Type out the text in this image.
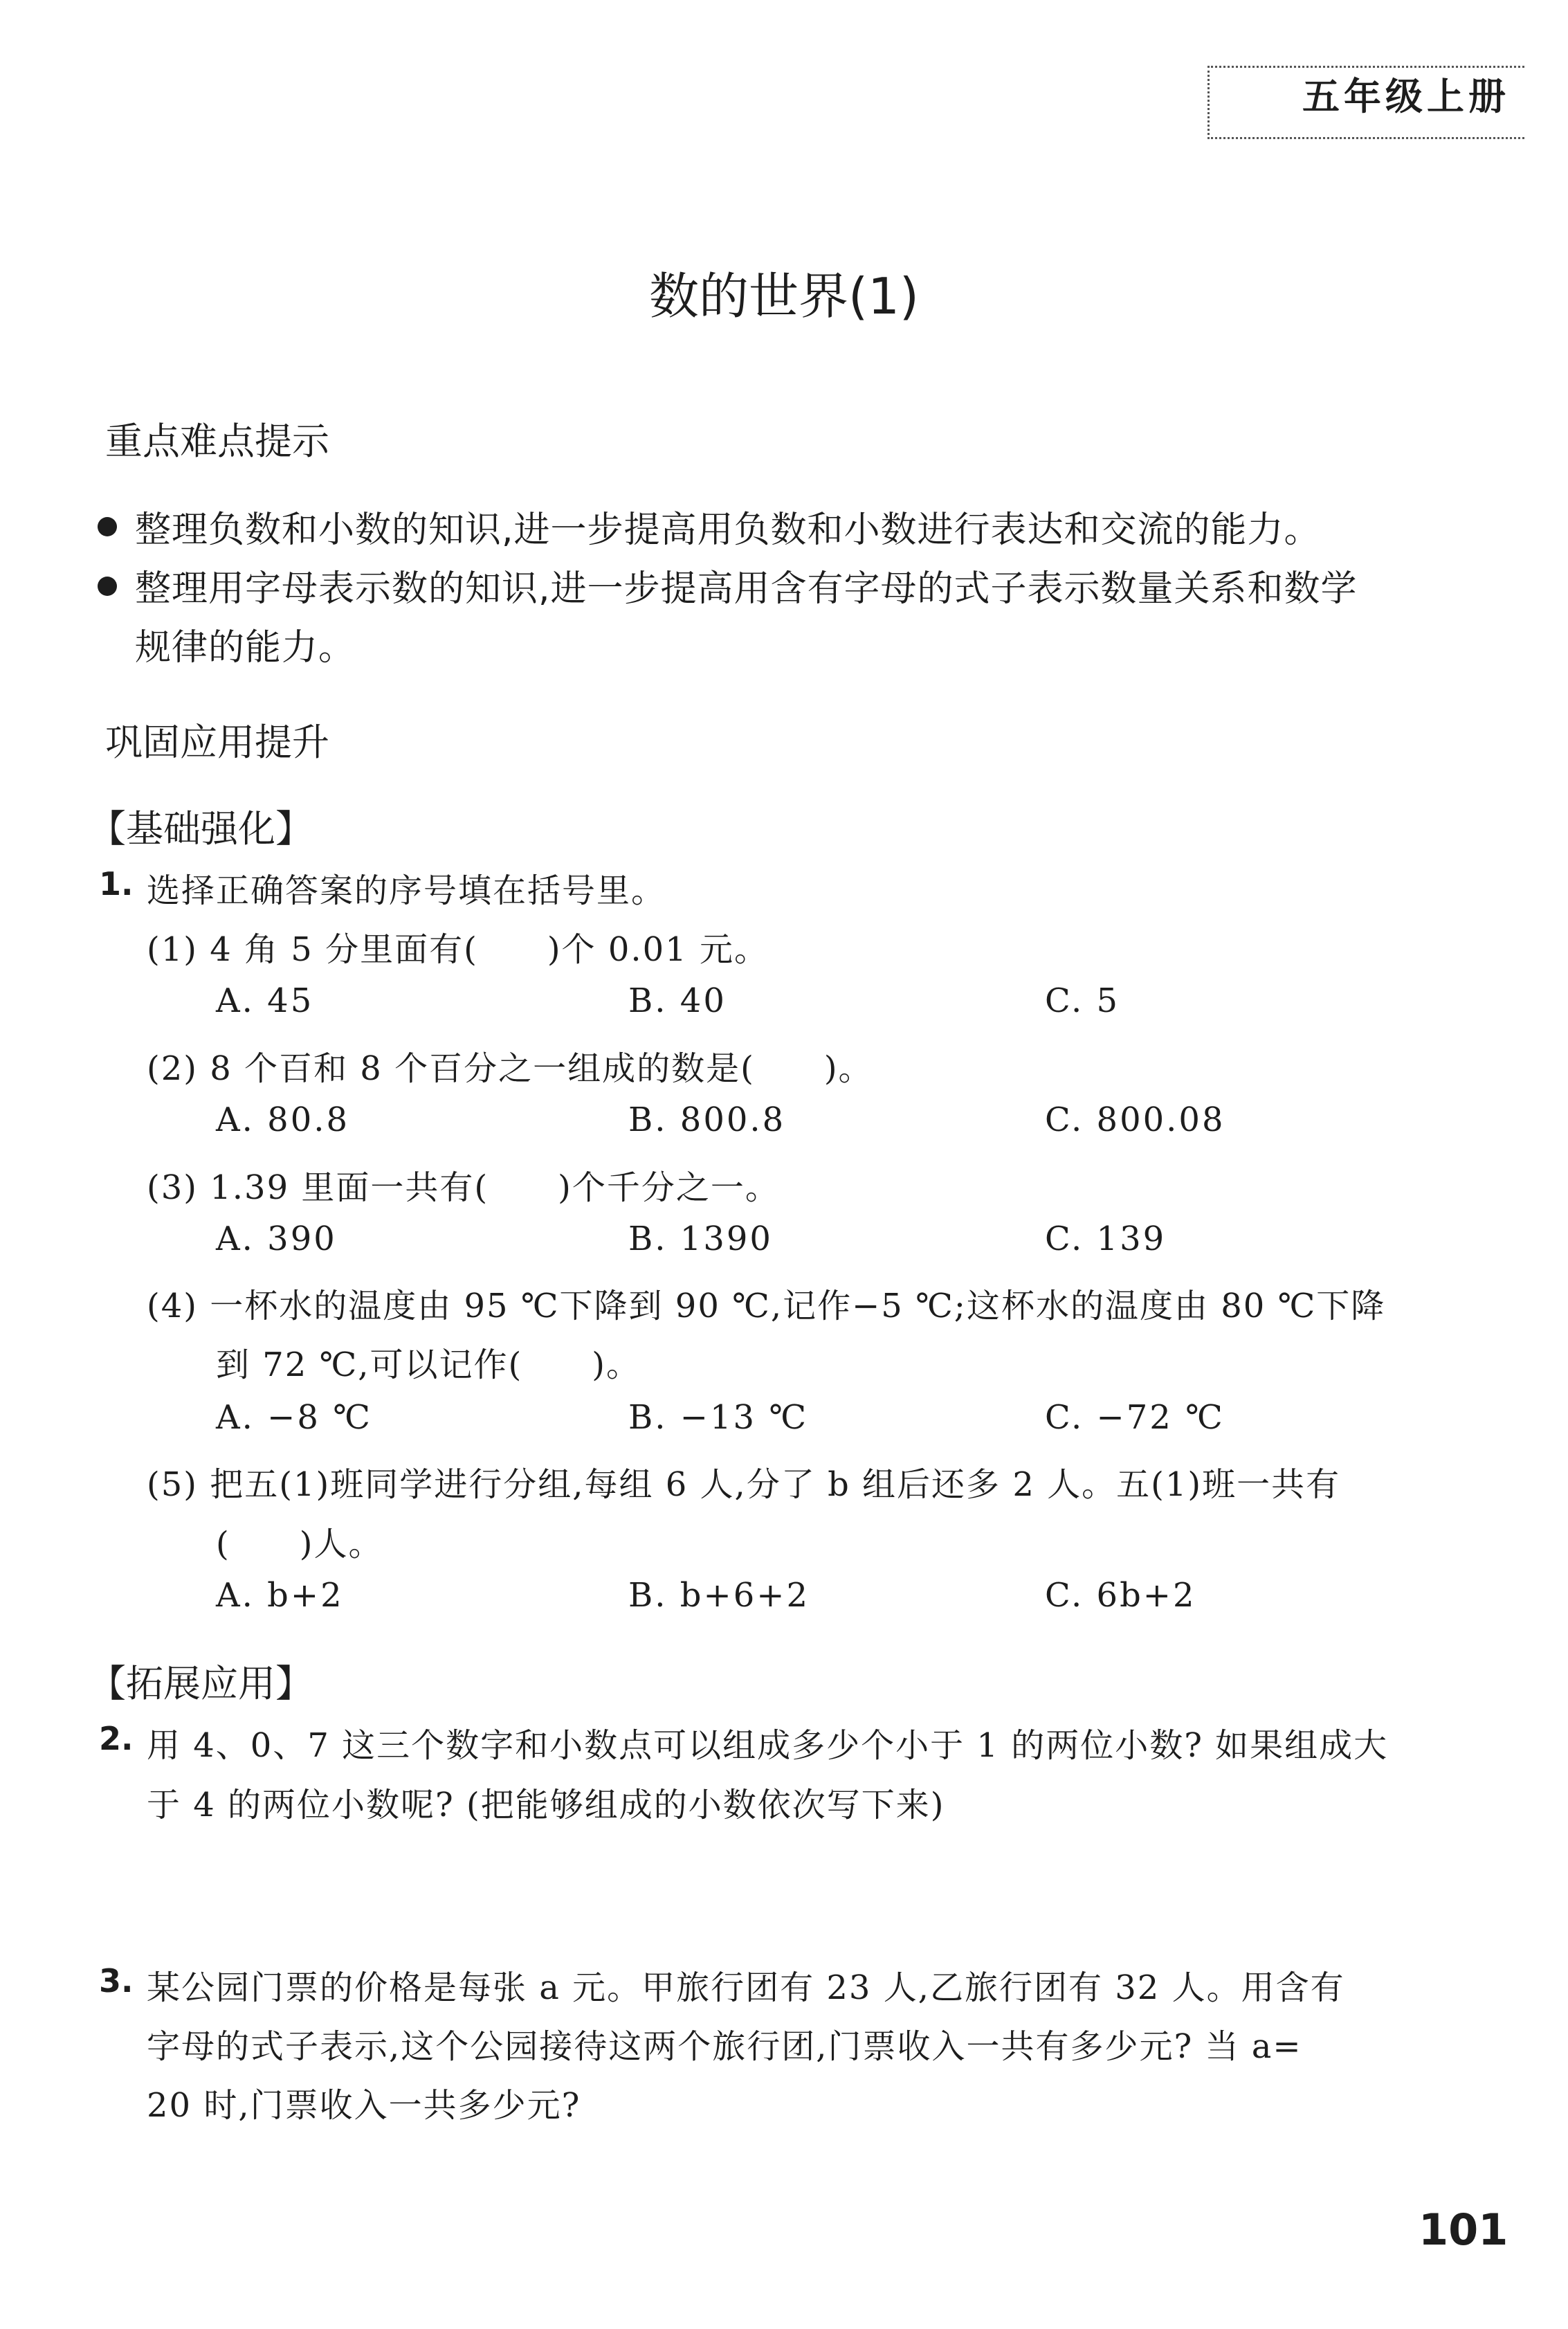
五年级上册
数的世界(1)
重点难点提示
整理负数和小数的知识,进一步提高用负数和小数进行表达和交流的能力。
整理用字母表示数的知识,进一步提高用含有字母的式子表示数量关系和数学
规律的能力。
巩固应用提升
【基础强化】
1. 选择正确答案的序号填在括号里。
(1) 4 角 5 分里面有(　　)个 0.01 元。
A. 45	B. 40	C. 5
(2) 8 个百和 8 个百分之一组成的数是(　　)。
A. 80.8	B. 800.8	C. 800.08
(3) 1.39 里面一共有(　　)个千分之一。
A. 390	B. 1390	C. 139
(4) 一杯水的温度由 95 ℃下降到 90 ℃,记作−5 ℃;这杯水的温度由 80 ℃下降
到 72 ℃,可以记作(　　)。
A. −8 ℃	B. −13 ℃	C. −72 ℃
(5) 把五(1)班同学进行分组,每组 6 人,分了 b 组后还多 2 人。五(1)班一共有
(　　)人。
A. b+2	B. b+6+2	C. 6b+2
【拓展应用】
2. 用 4、0、7 这三个数字和小数点可以组成多少个小于 1 的两位小数? 如果组成大
于 4 的两位小数呢? (把能够组成的小数依次写下来)
3. 某公园门票的价格是每张 a 元。甲旅行团有 23 人,乙旅行团有 32 人。用含有
字母的式子表示,这个公园接待这两个旅行团,门票收入一共有多少元? 当 a=
20 时,门票收入一共多少元?
101
